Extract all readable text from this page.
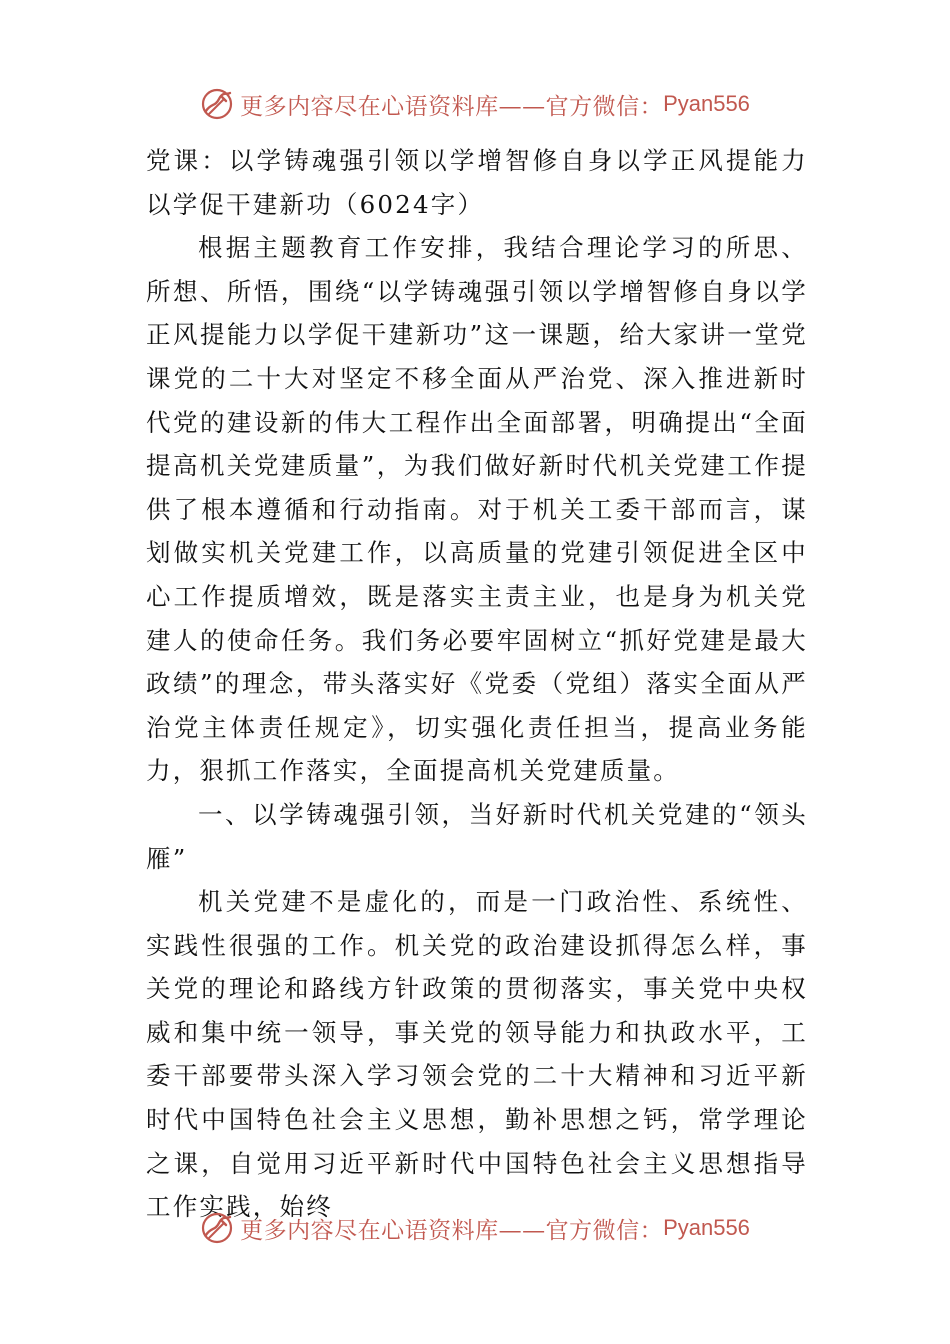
更多内容尽在心语资料库——官方微信： Pyan556

党课：以学铸魂强引领以学增智修自身以学正风提能力以学促干建新功（6024字）

根据主题教育工作安排，我结合理论学习的所思、所想、所悟，围绕“以学铸魂强引领以学增智修自身以学正风提能力以学促干建新功”这一课题，给大家讲一堂党课党的二十大对坚定不移全面从严治党、深入推进新时代党的建设新的伟大工程作出全面部署，明确提出“全面提高机关党建质量”，为我们做好新时代机关党建工作提供了根本遵循和行动指南。对于机关工委干部而言，谋划做实机关党建工作，以高质量的党建引领促进全区中心工作提质增效，既是落实主责主业，也是身为机关党建人的使命任务。我们务必要牢固树立“抓好党建是最大政绩”的理念，带头落实好《党委（党组）落实全面从严治党主体责任规定》，切实强化责任担当，提高业务能力，狠抓工作落实，全面提高机关党建质量。

一、以学铸魂强引领，当好新时代机关党建的“领头雁”

机关党建不是虚化的，而是一门政治性、系统性、实践性很强的工作。机关党的政治建设抓得怎么样，事关党的理论和路线方针政策的贯彻落实，事关党中央权威和集中统一领导，事关党的领导能力和执政水平，工委干部要带头深入学习领会党的二十大精神和习近平新时代中国特色社会主义思想，勤补思想之钙，常学理论之课，自觉用习近平新时代中国特色社会主义思想指导工作实践，始终

更多内容尽在心语资料库——官方微信： Pyan556
